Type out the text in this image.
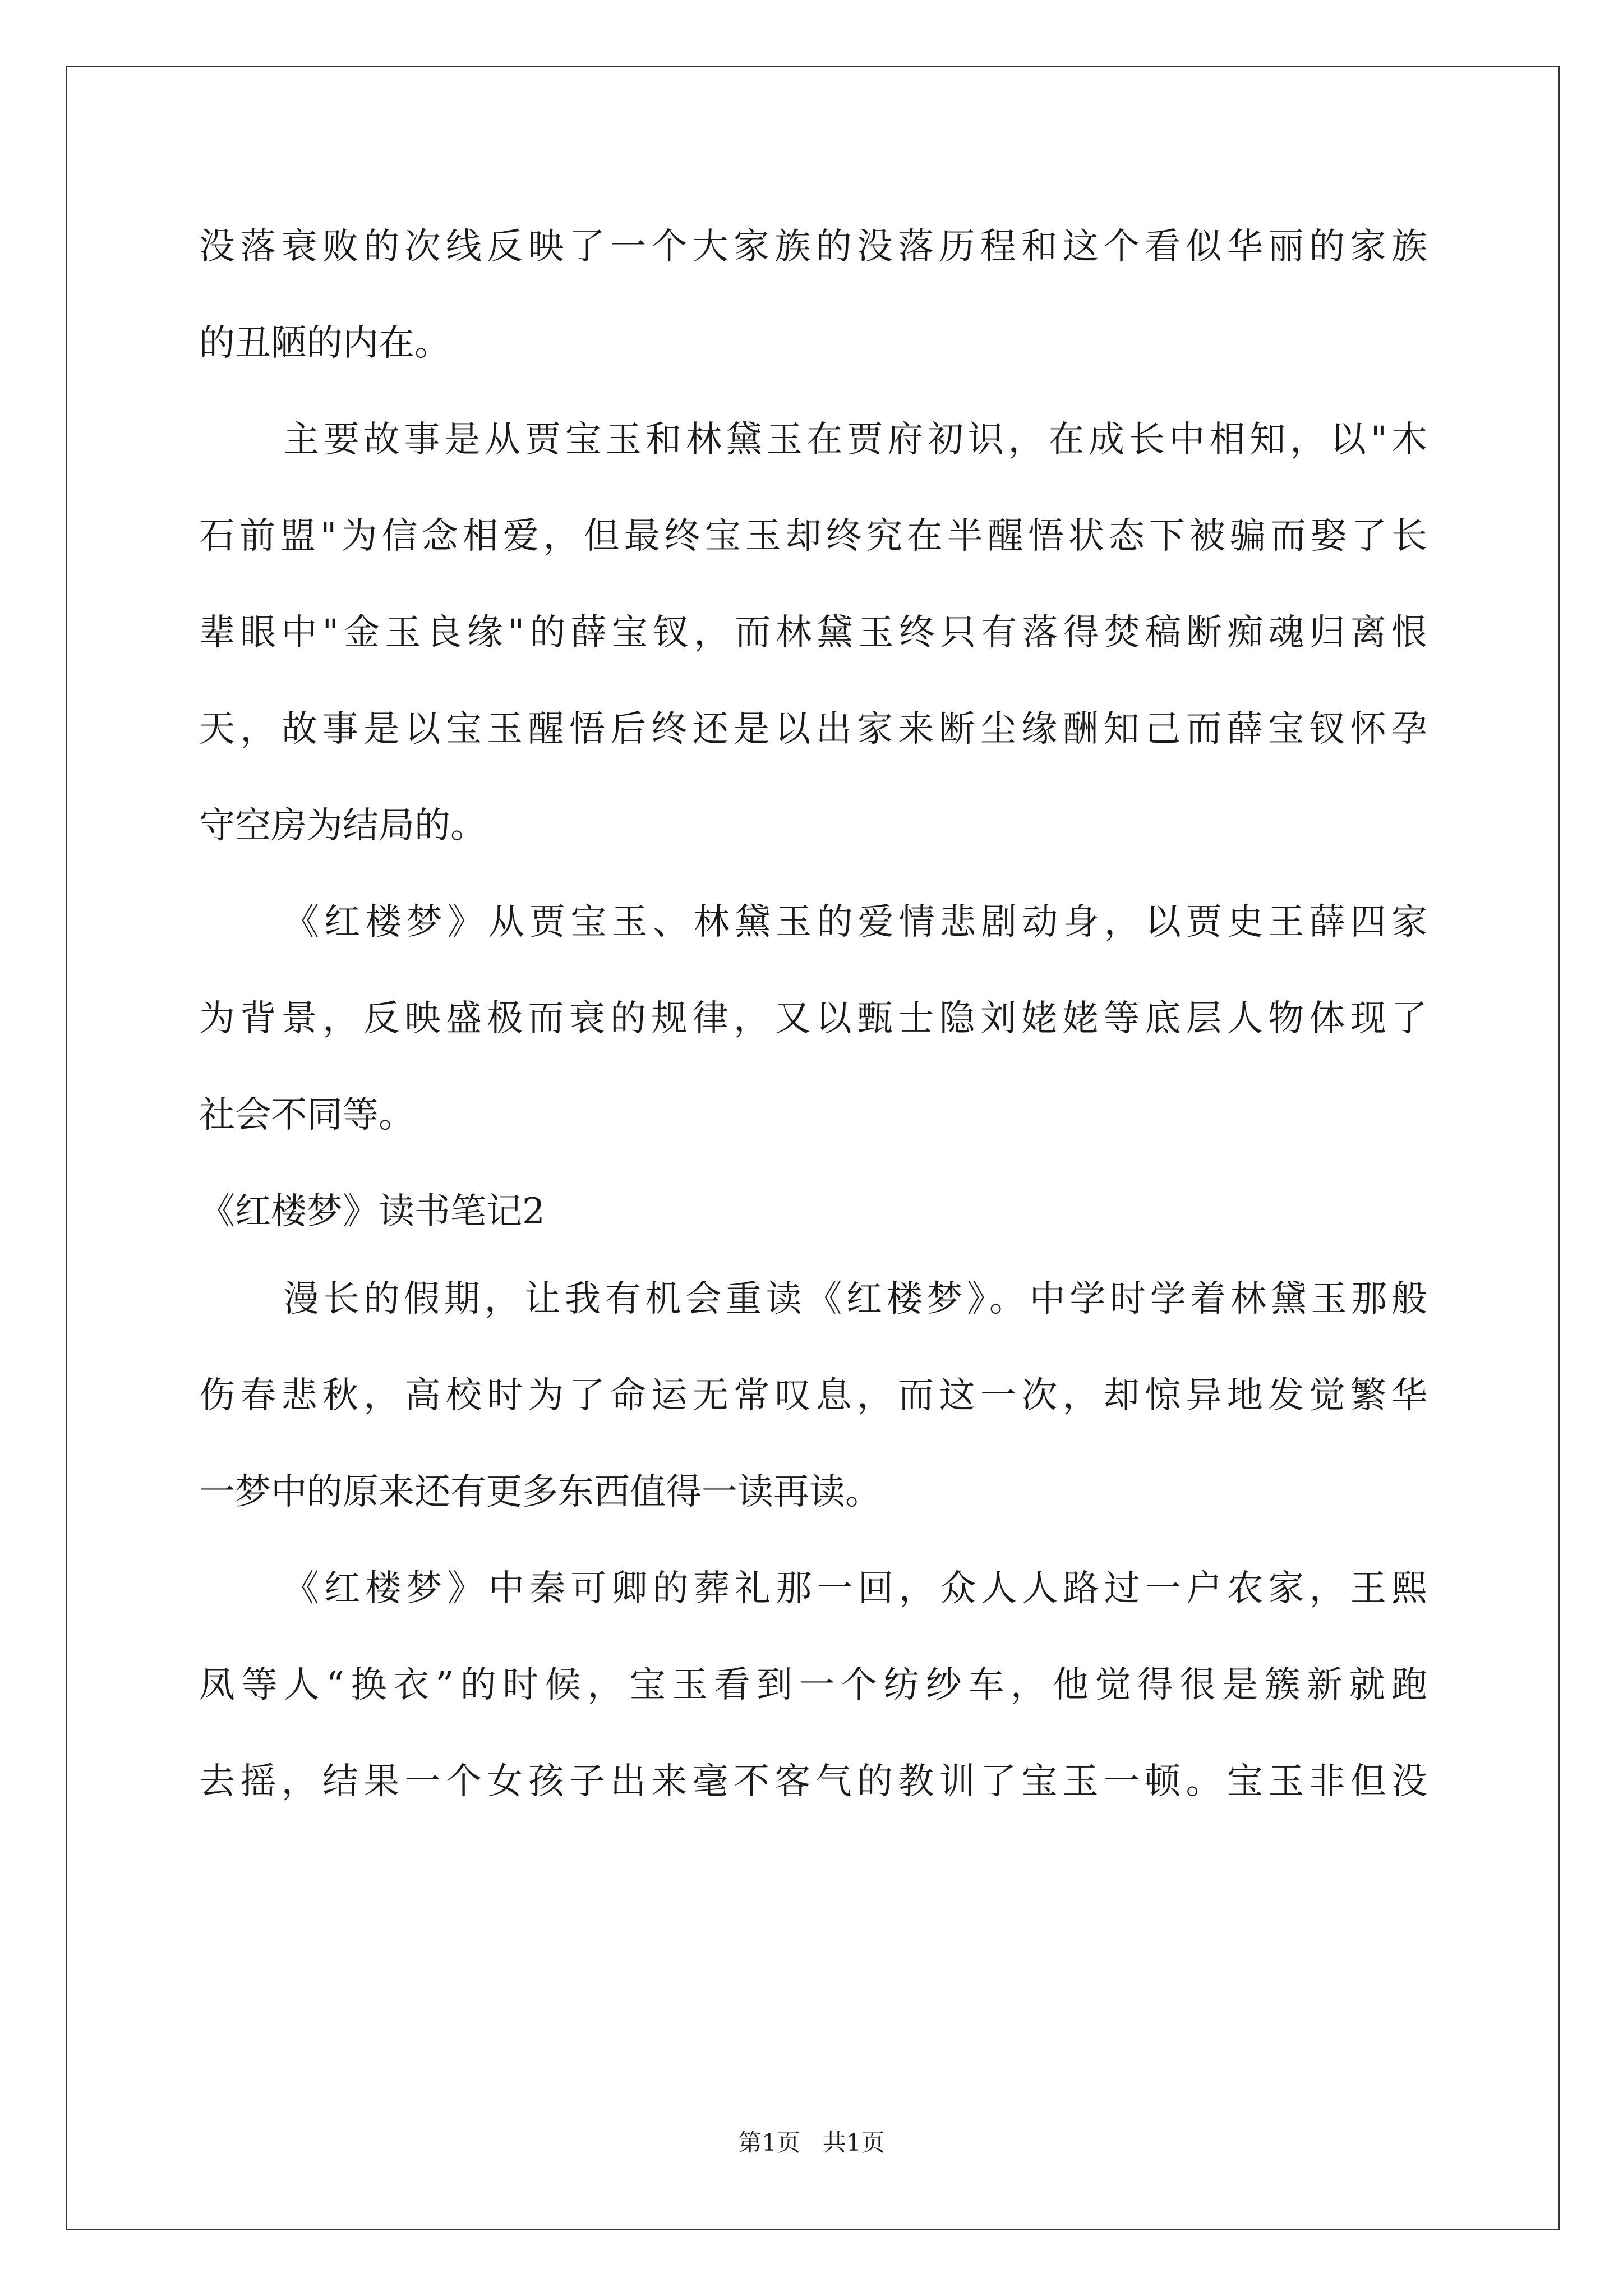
没落衰败的次线反映了一个大家族的没落历程和这个看似华丽的家族
的丑陋的内在。
主要故事是从贾宝玉和林黛玉在贾府初识，在成长中相知，以"木
石前盟"为信念相爱，但最终宝玉却终究在半醒悟状态下被骗而娶了长
辈眼中"金玉良缘"的薛宝钗，而林黛玉终只有落得焚稿断痴魂归离恨
天，故事是以宝玉醒悟后终还是以出家来断尘缘酬知己而薛宝钗怀孕
守空房为结局的。
《红楼梦》从贾宝玉、林黛玉的爱情悲剧动身，以贾史王薛四家
为背景，反映盛极而衰的规律，又以甄士隐刘姥姥等底层人物体现了
社会不同等。
《红楼梦》读书笔记2
漫长的假期，让我有机会重读《红楼梦》。中学时学着林黛玉那般
伤春悲秋，高校时为了命运无常叹息，而这一次，却惊异地发觉繁华
一梦中的原来还有更多东西值得一读再读。
《红楼梦》中秦可卿的葬礼那一回，众人人路过一户农家，王熙
凤等人“换衣”的时候，宝玉看到一个纺纱车，他觉得很是簇新就跑
去摇，结果一个女孩子出来毫不客气的教训了宝玉一顿。宝玉非但没
第1页   共1页
